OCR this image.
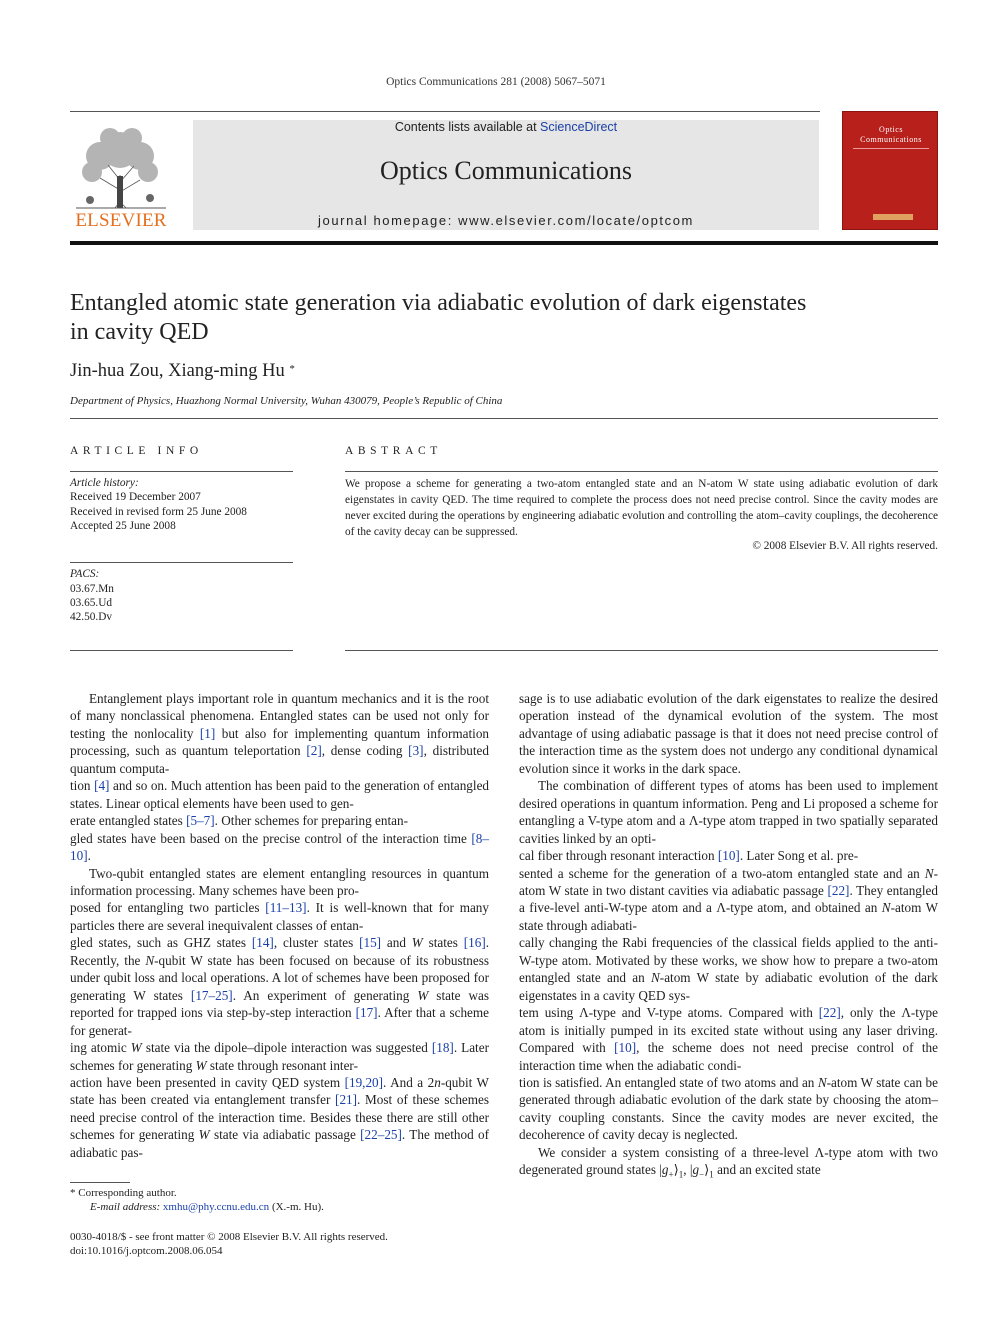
Optics Communications 281 (2008) 5067–5071
ELSEVIER
Contents lists available at ScienceDirect
Optics Communications
journal homepage: www.elsevier.com/locate/optcom
Optics
Communications
Entangled atomic state generation via adiabatic evolution of dark eigenstates in cavity QED
Jin-hua Zou, Xiang-ming Hu *
Department of Physics, Huazhong Normal University, Wuhan 430079, People’s Republic of China
ARTICLE INFO	ABSTRACT
Article history:
Received 19 December 2007
Received in revised form 25 June 2008
Accepted 25 June 2008
PACS:
03.67.Mn
03.65.Ud
42.50.Dv
We propose a scheme for generating a two-atom entangled state and an N-atom W state using adiabatic evolution of dark eigenstates in cavity QED. The time required to complete the process does not need precise control. Since the cavity modes are never excited during the operations by engineering adiabatic evolution and controlling the atom–cavity couplings, the decoherence of the cavity decay can be suppressed.
© 2008 Elsevier B.V. All rights reserved.

Entanglement plays important role in quantum mechanics and it is the root of many nonclassical phenomena. Entangled states can be used not only for testing the nonlocality [1] but also for implementing quantum information processing, such as quantum teleportation [2], dense coding [3], distributed quantum computa-
tion [4] and so on. Much attention has been paid to the generation of entangled states. Linear optical elements have been used to gen-
erate entangled states [5–7]. Other schemes for preparing entan-
gled states have been based on the precise control of the interaction time [8–10].

Two-qubit entangled states are element entangling resources in quantum information processing. Many schemes have been pro-
posed for entangling two particles [11–13]. It is well-known that for many particles there are several inequivalent classes of entan-
gled states, such as GHZ states [14], cluster states [15] and W states [16]. Recently, the N-qubit W state has been focused on because of its robustness under qubit loss and local operations. A lot of schemes have been proposed for generating W states [17–25]. An experiment of generating W state was reported for trapped ions via step-by-step interaction [17]. After that a scheme for generat-
ing atomic W state via the dipole–dipole interaction was suggested [18]. Later schemes for generating W state through resonant inter-
action have been presented in cavity QED system [19,20]. And a 2n-qubit W state has been created via entanglement transfer [21]. Most of these schemes need precise control of the interaction time. Besides these there are still other schemes for generating W state via adiabatic passage [22–25]. The method of adiabatic pas-

sage is to use adiabatic evolution of the dark eigenstates to realize the desired operation instead of the dynamical evolution of the system. The most advantage of using adiabatic passage is that it does not need precise control of the interaction time as the system does not undergo any conditional dynamical evolution since it works in the dark space.

The combination of different types of atoms has been used to implement desired operations in quantum information. Peng and Li proposed a scheme for entangling a V-type atom and a Λ-type atom trapped in two spatially separated cavities linked by an opti-
cal fiber through resonant interaction [10]. Later Song et al. pre-
sented a scheme for the generation of a two-atom entangled state and an N-atom W state in two distant cavities via adiabatic passage [22]. They entangled a five-level anti-W-type atom and a Λ-type atom, and obtained an N-atom W state through adiabati-
cally changing the Rabi frequencies of the classical fields applied to the anti-W-type atom. Motivated by these works, we show how to prepare a two-atom entangled state and an N-atom W state by adiabatic evolution of the dark eigenstates in a cavity QED sys-
tem using Λ-type and V-type atoms. Compared with [22], only the Λ-type atom is initially pumped in its excited state without using any laser driving. Compared with [10], the scheme does not need precise control of the interaction time when the adiabatic condi-
tion is satisfied. An entangled state of two atoms and an N-atom W state can be generated through adiabatic evolution of the dark state by choosing the atom–cavity coupling constants. Since the cavity modes are never excited, the decoherence of cavity decay is neglected.

We consider a system consisting of a three-level Λ-type atom with two degenerated ground states $|g_+⟩_1$, $|g_-⟩_1$ and an excited state

* Corresponding author.
E-mail address: xmhu@phy.ccnu.edu.cn (X.-m. Hu).
0030-4018/$ - see front matter © 2008 Elsevier B.V. All rights reserved.
doi:10.1016/j.optcom.2008.06.054
